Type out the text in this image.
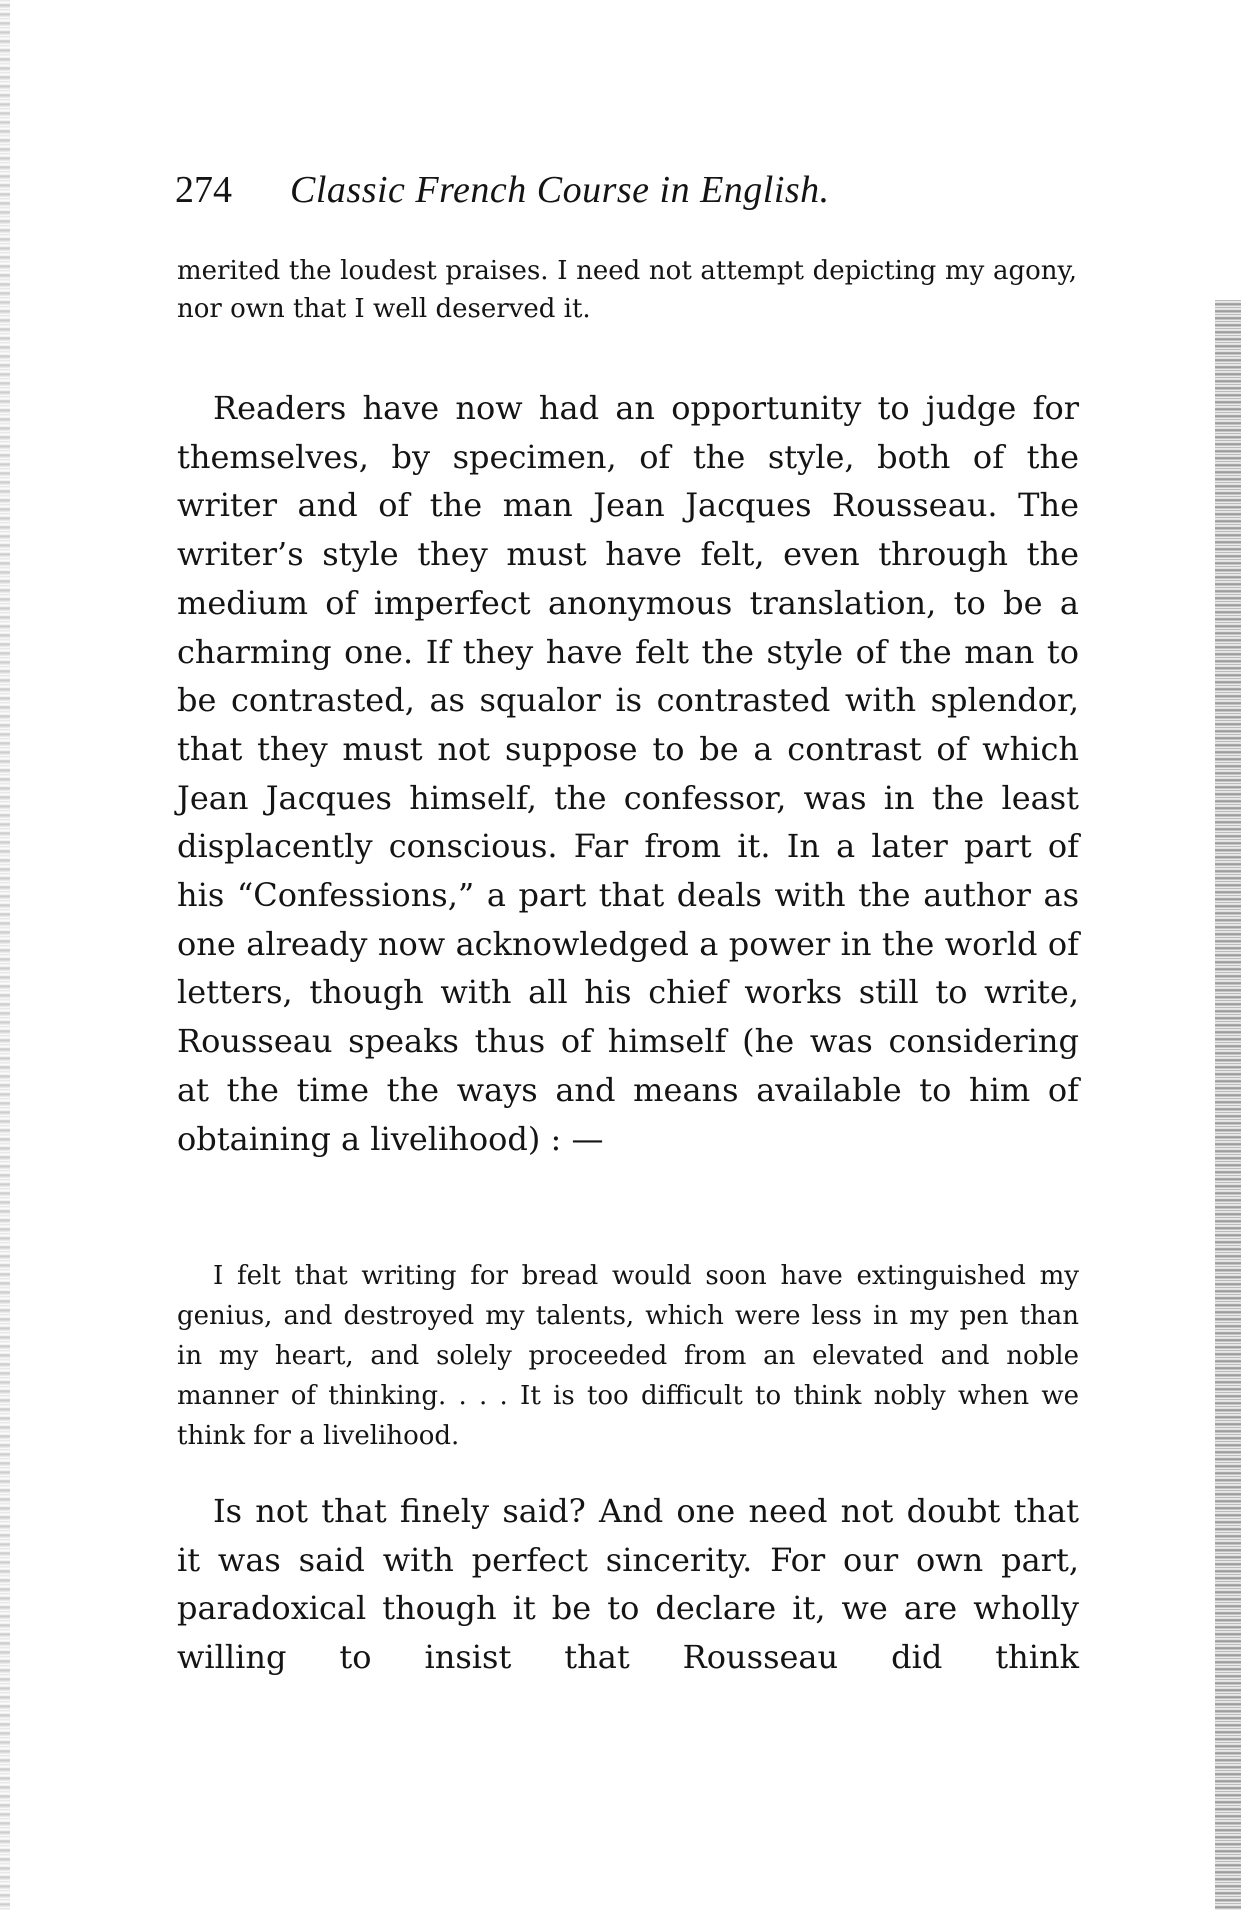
274 Classic French Course in English.
merited the loudest praises. I need not attempt depicting my agony, nor own that I well deserved it.
Readers have now had an opportunity to judge for themselves, by specimen, of the style, both of the writer and of the man Jean Jacques Rousseau. The writer’s style they must have felt, even through the medium of imperfect anonymous translation, to be a charming one. If they have felt the style of the man to be contrasted, as squalor is contrasted with splendor, that they must not suppose to be a contrast of which Jean Jacques himself, the confessor, was in the least displacently conscious. Far from it. In a later part of his “Confessions,” a part that deals with the author as one already now acknowledged a power in the world of letters, though with all his chief works still to write, Rousseau speaks thus of himself (he was considering at the time the ways and means available to him of obtaining a livelihood) : —
I felt that writing for bread would soon have extinguished my genius, and destroyed my talents, which were less in my pen than in my heart, and solely proceeded from an elevated and noble manner of thinking. . . . It is too difficult to think nobly when we think for a livelihood.
Is not that finely said? And one need not doubt that it was said with perfect sincerity. For our own part, paradoxical though it be to declare it, we are wholly willing to insist that Rousseau did think
